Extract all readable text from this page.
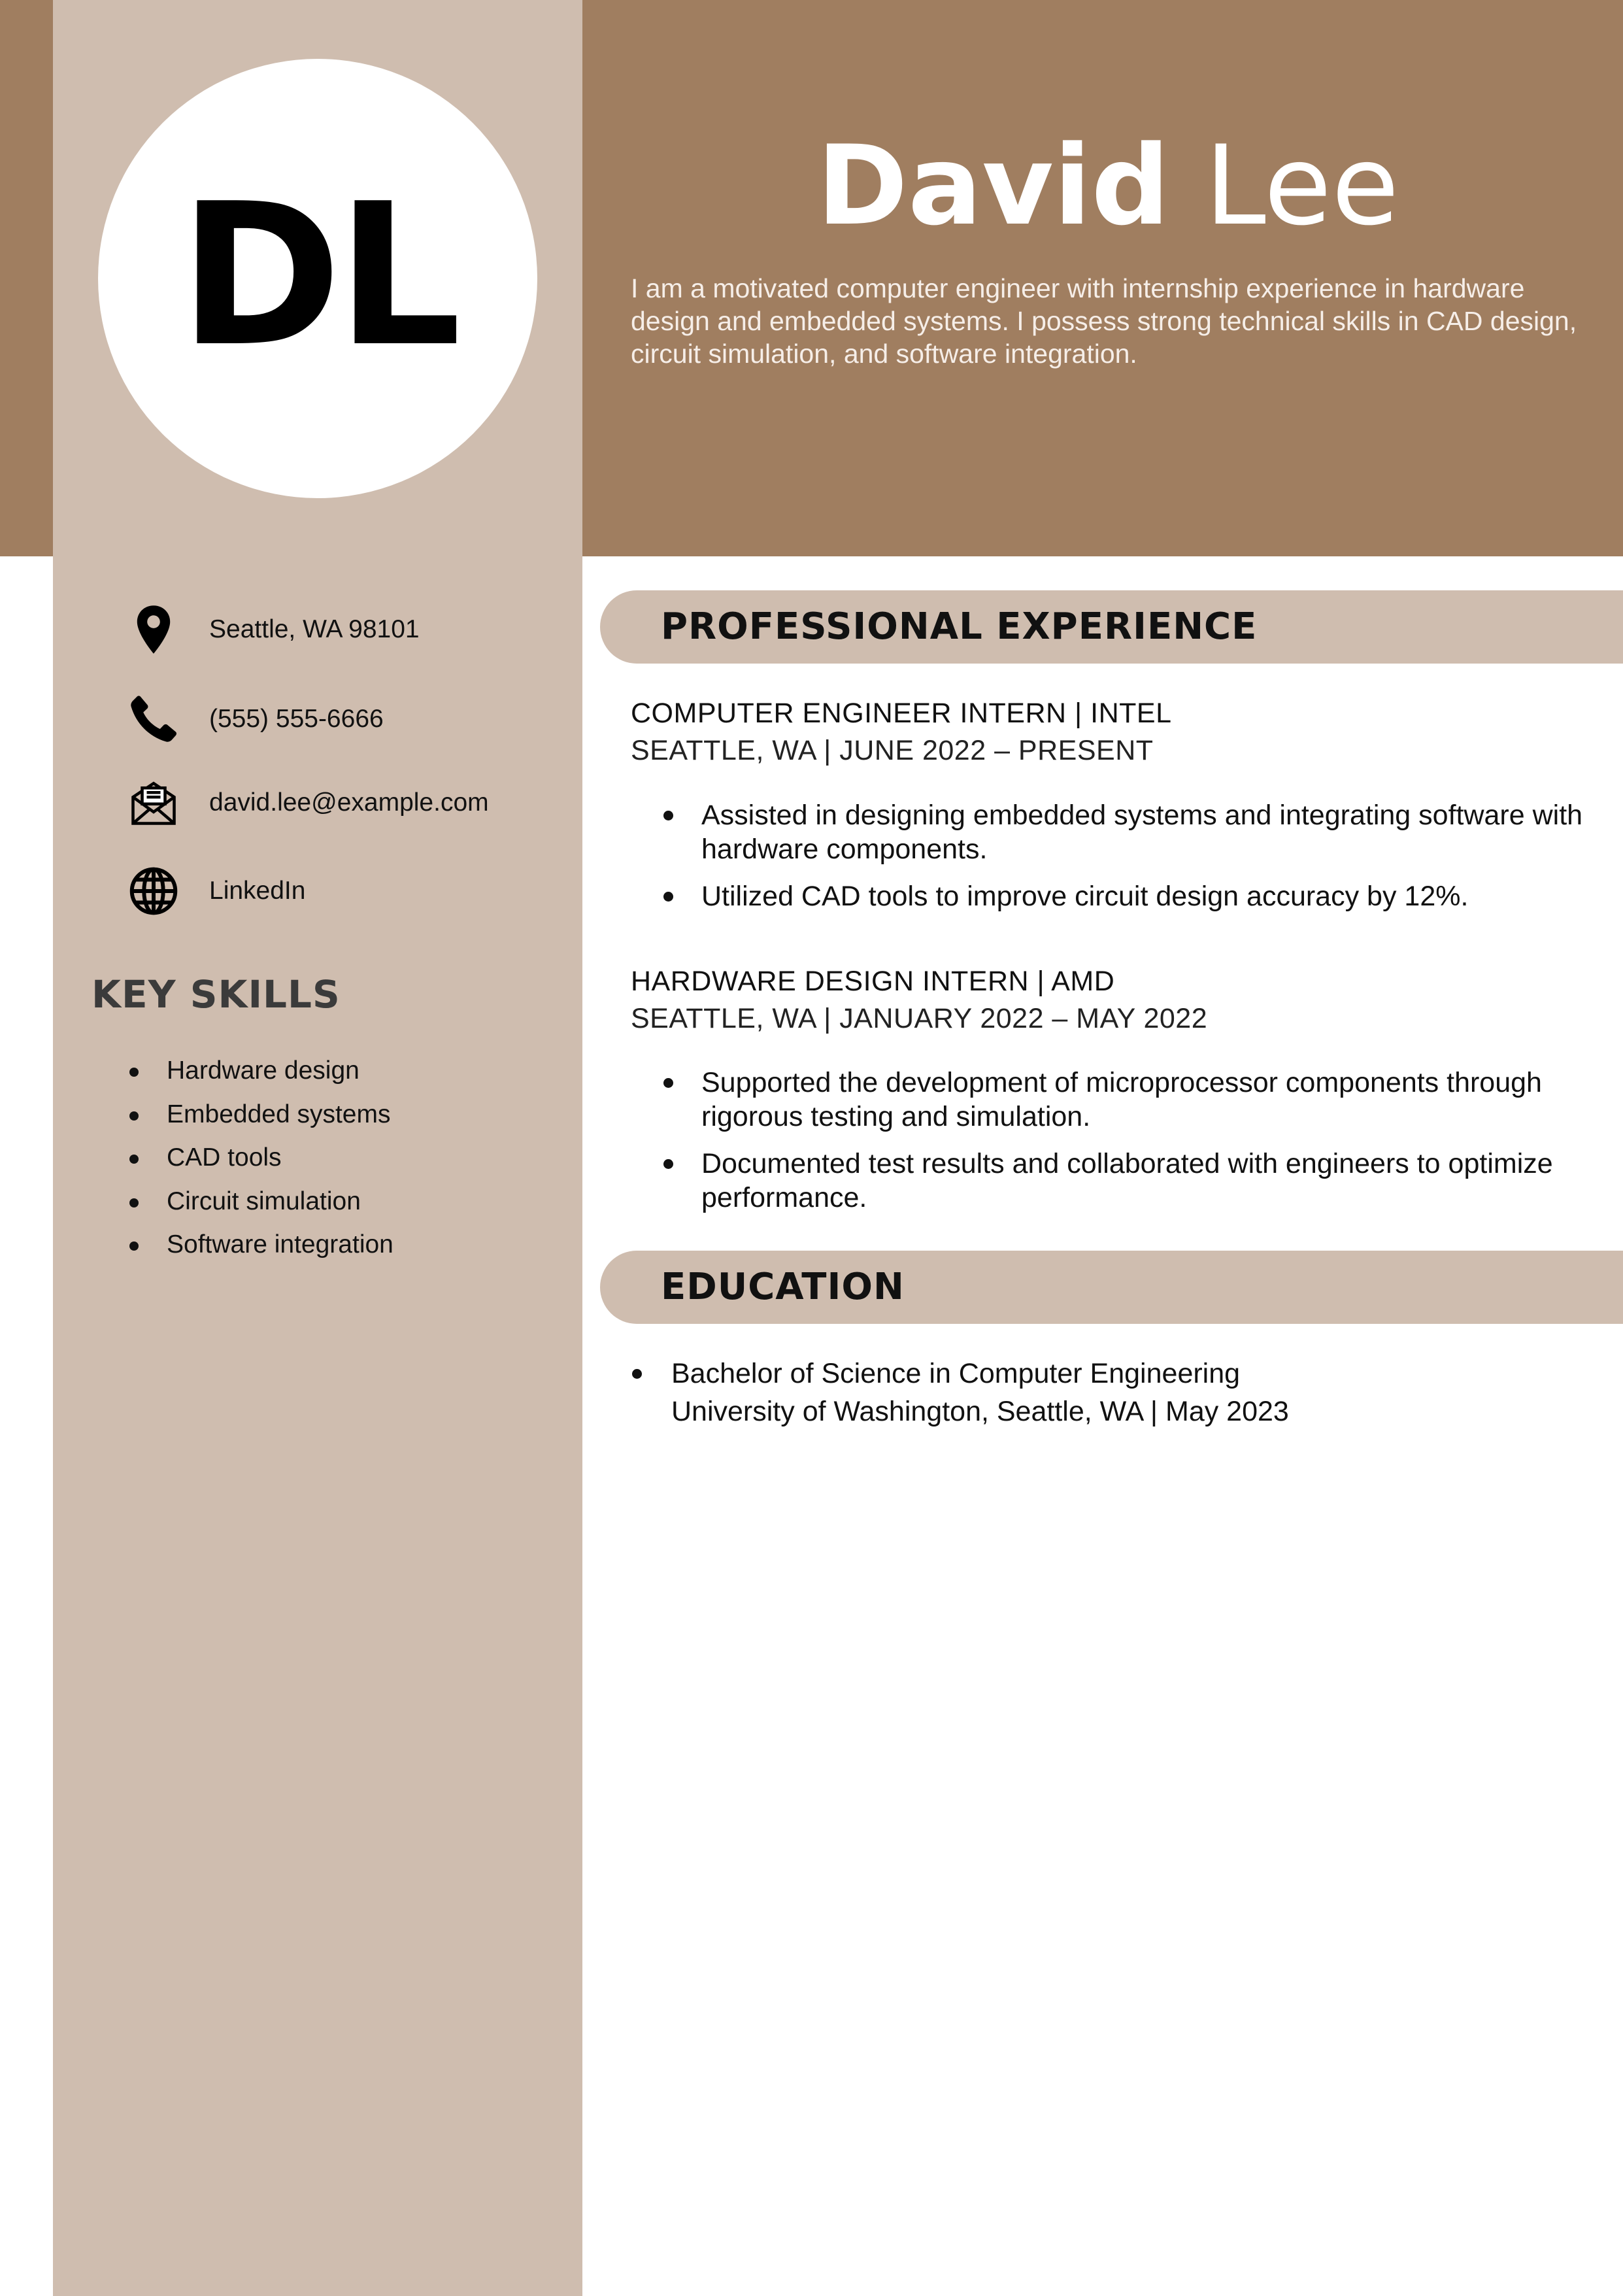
DL	David Lee
I am a motivated computer engineer with internship experience in hardware design and embedded systems. I possess strong technical skills in CAD design, circuit simulation, and software integration.
Seattle, WA 98101
(555) 555-6666
david.lee@example.com
LinkedIn
KEY SKILLS
Hardware design
Embedded systems
CAD tools
Circuit simulation
Software integration
PROFESSIONAL EXPERIENCE
COMPUTER ENGINEER INTERN | INTEL
SEATTLE, WA | JUNE 2022 – PRESENT
Assisted in designing embedded systems and integrating software with hardware components.
Utilized CAD tools to improve circuit design accuracy by 12%.
HARDWARE DESIGN INTERN | AMD
SEATTLE, WA | JANUARY 2022 – MAY 2022
Supported the development of microprocessor components through rigorous testing and simulation.
Documented test results and collaborated with engineers to optimize performance.
EDUCATION
Bachelor of Science in Computer Engineering
University of Washington, Seattle, WA | May 2023
